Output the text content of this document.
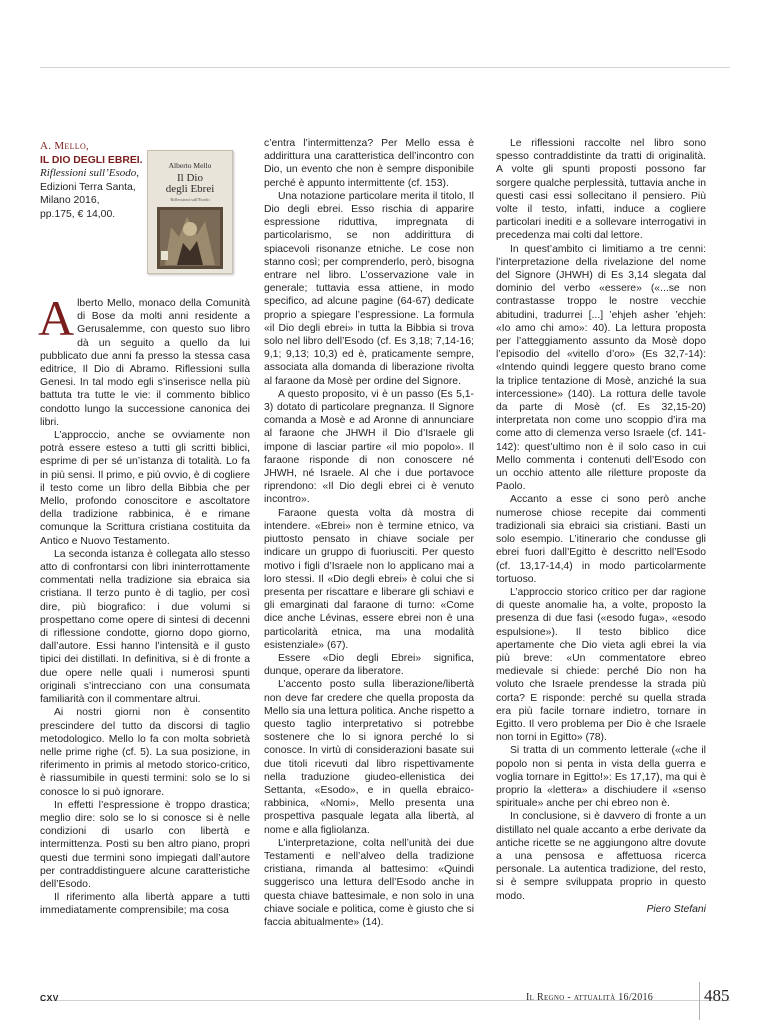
A. Mello,
IL DIO DEGLI EBREI.
Riflessioni sull’Esodo,
Edizioni Terra Santa,
Milano 2016,
pp.175, € 14,00.
Alberto Mello
Il Dio
degli Ebrei
Riflessioni sull'Esodo

Alberto Mello, monaco della Comunità di Bose da molti anni residente a Gerusalemme, con questo suo libro dà un seguito a quello da lui pubblicato due anni fa presso la stessa casa editrice, Il Dio di Abramo. Riflessioni sulla Genesi. In tal modo egli s’inserisce nella più battuta tra tutte le vie: il commento biblico condotto lungo la successione canonica dei libri.

L’approccio, anche se ovviamente non potrà essere esteso a tutti gli scritti biblici, esprime di per sé un’istanza di totalità. Lo fa in più sensi. Il primo, e più ovvio, è di cogliere il testo come un libro della Bibbia che per Mello, profondo conoscitore e ascoltatore della tradizione rabbinica, è e rimane comunque la Scrittura cristiana costituita da Antico e Nuovo Testamento.

La seconda istanza è collegata allo stesso atto di confrontarsi con libri ininterrottamente commentati nella tradizione sia ebraica sia cristiana. Il terzo punto è di taglio, per così dire, più biografico: i due volumi si prospettano come opere di sintesi di decenni di riflessione condotte, giorno dopo giorno, dall’autore. Essi hanno l’intensità e il gusto tipici dei distillati. In definitiva, si è di fronte a due opere nelle quali i numerosi spunti originali s’intrecciano con una consumata familiarità con il commentare altrui.

Ai nostri giorni non è consentito prescindere del tutto da discorsi di taglio metodologico. Mello lo fa con molta sobrietà nelle prime righe (cf. 5). La sua posizione, in riferimento in primis al metodo storico-critico, è riassumibile in questi termini: solo se lo si conosce lo si può ignorare.

In effetti l’espressione è troppo drastica; meglio dire: solo se lo si conosce si è nelle condizioni di usarlo con libertà e intermittenza. Posti su ben altro piano, propri questi due termini sono impiegati dall’autore per contraddistinguere alcune caratteristiche dell’Esodo.

Il riferimento alla libertà appare a tutti immediatamente comprensibile; ma cosa

c’entra l’intermittenza? Per Mello essa è addirittura una caratteristica dell’incontro con Dio, un evento che non è sempre disponibile perché è appunto intermittente (cf. 153).

Una notazione particolare merita il titolo, Il Dio degli ebrei. Esso rischia di apparire espressione riduttiva, impregnata di particolarismo, se non addirittura di spiacevoli risonanze etniche. Le cose non stanno così; per comprenderlo, però, bisogna entrare nel libro. L’osservazione vale in generale; tuttavia essa attiene, in modo specifico, ad alcune pagine (64-67) dedicate proprio a spiegare l’espressione. La formula «il Dio degli ebrei» in tutta la Bibbia si trova solo nel libro dell’Esodo (cf. Es 3,18; 7,14-16; 9,1; 9,13; 10,3) ed è, praticamente sempre, associata alla domanda di liberazione rivolta al faraone da Mosè per ordine del Signore.

A questo proposito, vi è un passo (Es 5,1-3) dotato di particolare pregnanza. Il Signore comanda a Mosè e ad Aronne di annunciare al faraone che JHWH il Dio d’Israele gli impone di lasciar partire «il mio popolo». Il faraone risponde di non conoscere né JHWH, né Israele. Al che i due portavoce riprendono: «Il Dio degli ebrei ci è venuto incontro».

Faraone questa volta dà mostra di intendere. «Ebrei» non è termine etnico, va piuttosto pensato in chiave sociale per indicare un gruppo di fuoriusciti. Per questo motivo i figli d’Israele non lo applicano mai a loro stessi. Il «Dio degli ebrei» è colui che si presenta per riscattare e liberare gli schiavi e gli emarginati dal faraone di turno: «Come dice anche Lévinas, essere ebrei non è una particolarità etnica, ma una modalità esistenziale» (67).

Essere «Dio degli Ebrei» significa, dunque, operare da liberatore.

L’accento posto sulla liberazione/libertà non deve far credere che quella proposta da Mello sia una lettura politica. Anche rispetto a questo taglio interpretativo si potrebbe sostenere che lo si ignora perché lo si conosce. In virtù di considerazioni basate sui due titoli ricevuti dal libro rispettivamente nella traduzione giudeo-ellenistica dei Settanta, «Esodo», e in quella ebraico-rabbinica, «Nomi», Mello presenta una prospettiva pasquale legata alla libertà, al nome e alla figliolanza.

L’interpretazione, colta nell’unità dei due Testamenti e nell’alveo della tradizione cristiana, rimanda al battesimo: «Quindi suggerisco una lettura dell’Esodo anche in questa chiave battesimale, e non solo in una chiave sociale e politica, come è giusto che si faccia abitualmente» (14).

Le riflessioni raccolte nel libro sono spesso contraddistinte da tratti di originalità. A volte gli spunti proposti possono far sorgere qualche perplessità, tuttavia anche in questi casi essi sollecitano il pensiero. Più volte il testo, infatti, induce a cogliere particolari inediti e a sollevare interrogativi in precedenza mai colti dal lettore.

In quest’ambito ci limitiamo a tre cenni: l’interpretazione della rivelazione del nome del Signore (JHWH) di Es 3,14 slegata dal dominio del verbo «essere» («...se non contrastasse troppo le nostre vecchie abitudini, tradurrei [...] ’ehjeh asher ’ehjeh: «Io amo chi amo»: 40). La lettura proposta per l’atteggiamento assunto da Mosè dopo l’episodio del «vitello d’oro» (Es 32,7-14): «Intendo quindi leggere questo brano come la triplice tentazione di Mosè, anziché la sua intercessione» (140). La rottura delle tavole da parte di Mosè (cf. Es 32,15-20) interpretata non come uno scoppio d’ira ma come atto di clemenza verso Israele (cf. 141-142): quest’ultimo non è il solo caso in cui Mello commenta i contenuti dell’Esodo con un occhio attento alle riletture proposte da Paolo.

Accanto a esse ci sono però anche numerose chiose recepite dai commenti tradizionali sia ebraici sia cristiani. Basti un solo esempio. L’itinerario che condusse gli ebrei fuori dall’Egitto è descritto nell’Esodo (cf. 13,17-14,4) in modo particolarmente tortuoso.

L’approccio storico critico per dar ragione di queste anomalie ha, a volte, proposto la presenza di due fasi («esodo fuga», «esodo espulsione»). Il testo biblico dice apertamente che Dio vieta agli ebrei la via più breve: «Un commentatore ebreo medievale si chiede: perché Dio non ha voluto che Israele prendesse la strada più corta? E risponde: perché su quella strada era più facile tornare indietro, tornare in Egitto. Il vero problema per Dio è che Israele non torni in Egitto» (78).

Si tratta di un commento letterale («che il popolo non si penta in vista della guerra e voglia tornare in Egitto!»: Es 17,17), ma qui è proprio la «lettera» a dischiudere il «senso spirituale» anche per chi ebreo non è.

In conclusione, si è davvero di fronte a un distillato nel quale accanto a erbe derivate da antiche ricette se ne aggiungono altre dovute a una pensosa e affettuosa ricerca personale. La autentica tradizione, del resto, si è sempre sviluppata proprio in questo modo.

Piero Stefani

CXV	Il Regno - attualità 16/2016	485
